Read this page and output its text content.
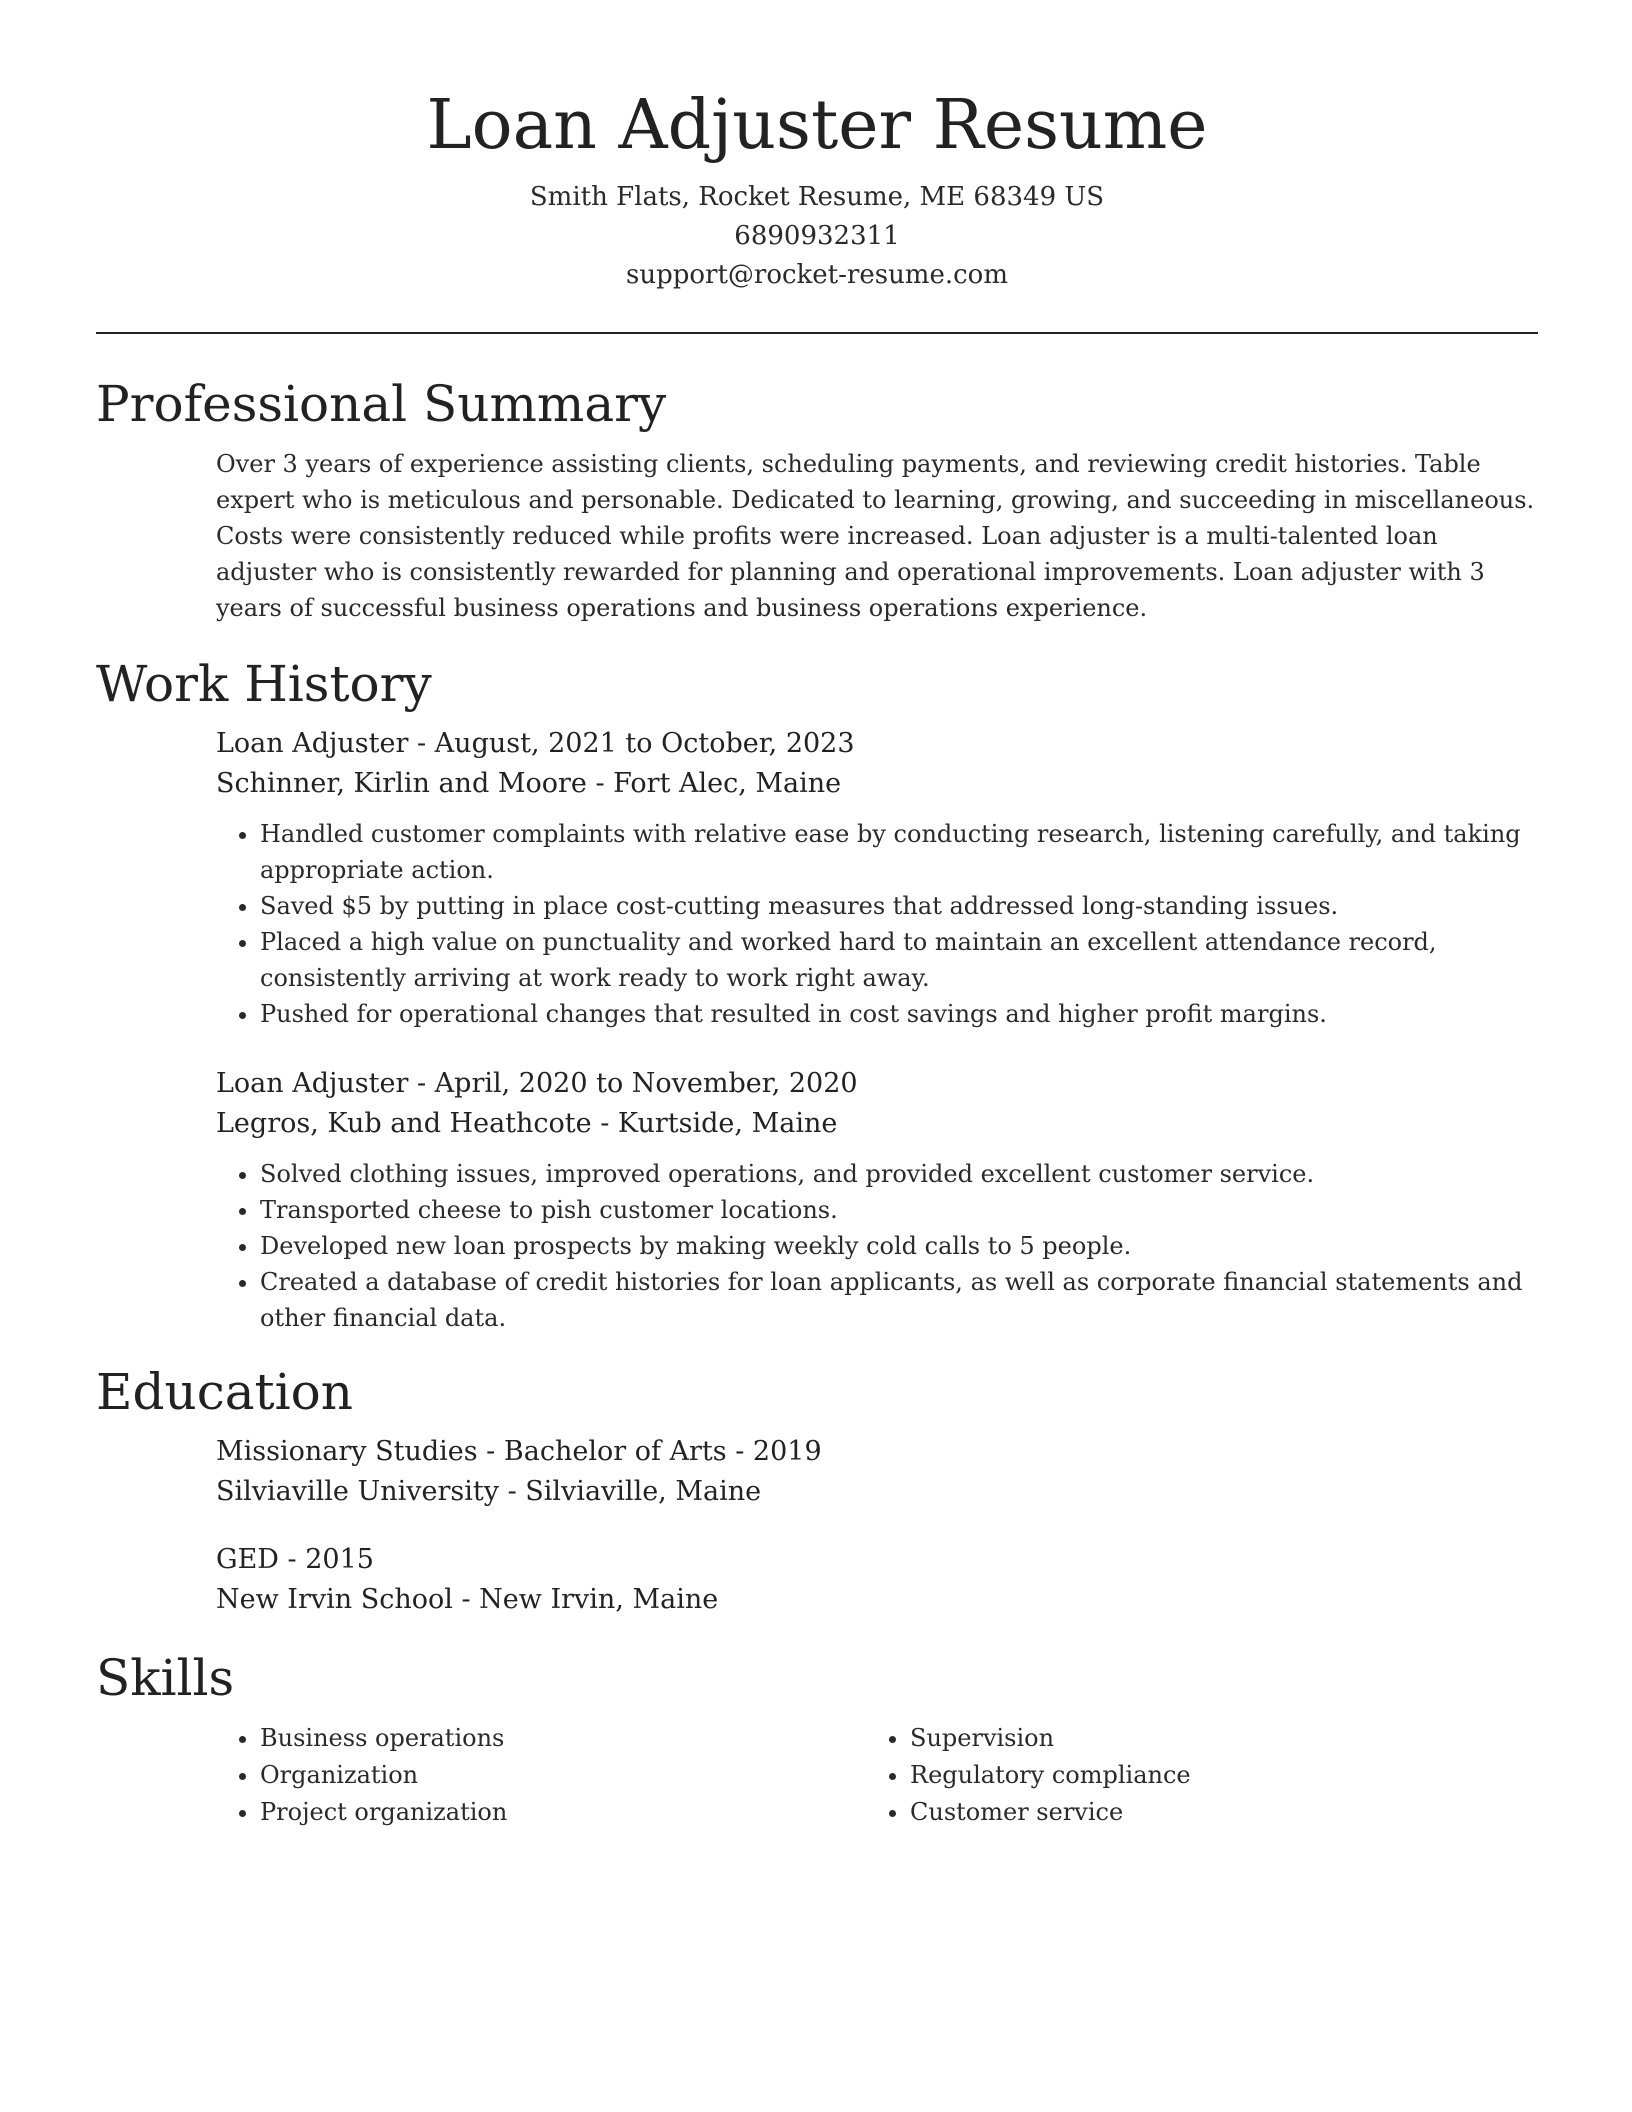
Loan Adjuster Resume
Smith Flats, Rocket Resume, ME 68349 US
6890932311
support@rocket-resume.com
Professional Summary

Over 3 years of experience assisting clients, scheduling payments, and reviewing credit histories. Table expert who is meticulous and personable. Dedicated to learning, growing, and succeeding in miscellaneous. Costs were consistently reduced while profits were increased. Loan adjuster is a multi-talented loan adjuster who is consistently rewarded for planning and operational improvements. Loan adjuster with 3 years of successful business operations and business operations experience.

Work History
Loan Adjuster - August, 2021 to October, 2023
Schinner, Kirlin and Moore - Fort Alec, Maine
• Handled customer complaints with relative ease by conducting research, listening carefully, and taking appropriate action.
• Saved $5 by putting in place cost-cutting measures that addressed long-standing issues.
• Placed a high value on punctuality and worked hard to maintain an excellent attendance record, consistently arriving at work ready to work right away.
• Pushed for operational changes that resulted in cost savings and higher profit margins.
Loan Adjuster - April, 2020 to November, 2020
Legros, Kub and Heathcote - Kurtside, Maine
• Solved clothing issues, improved operations, and provided excellent customer service.
• Transported cheese to pish customer locations.
• Developed new loan prospects by making weekly cold calls to 5 people.
• Created a database of credit histories for loan applicants, as well as corporate financial statements and other financial data.
Education
Missionary Studies - Bachelor of Arts - 2019
Silviaville University - Silviaville, Maine
GED - 2015
New Irvin School - New Irvin, Maine
Skills
• Business operations
• Organization
• Project organization
• Supervision
• Regulatory compliance
• Customer service
